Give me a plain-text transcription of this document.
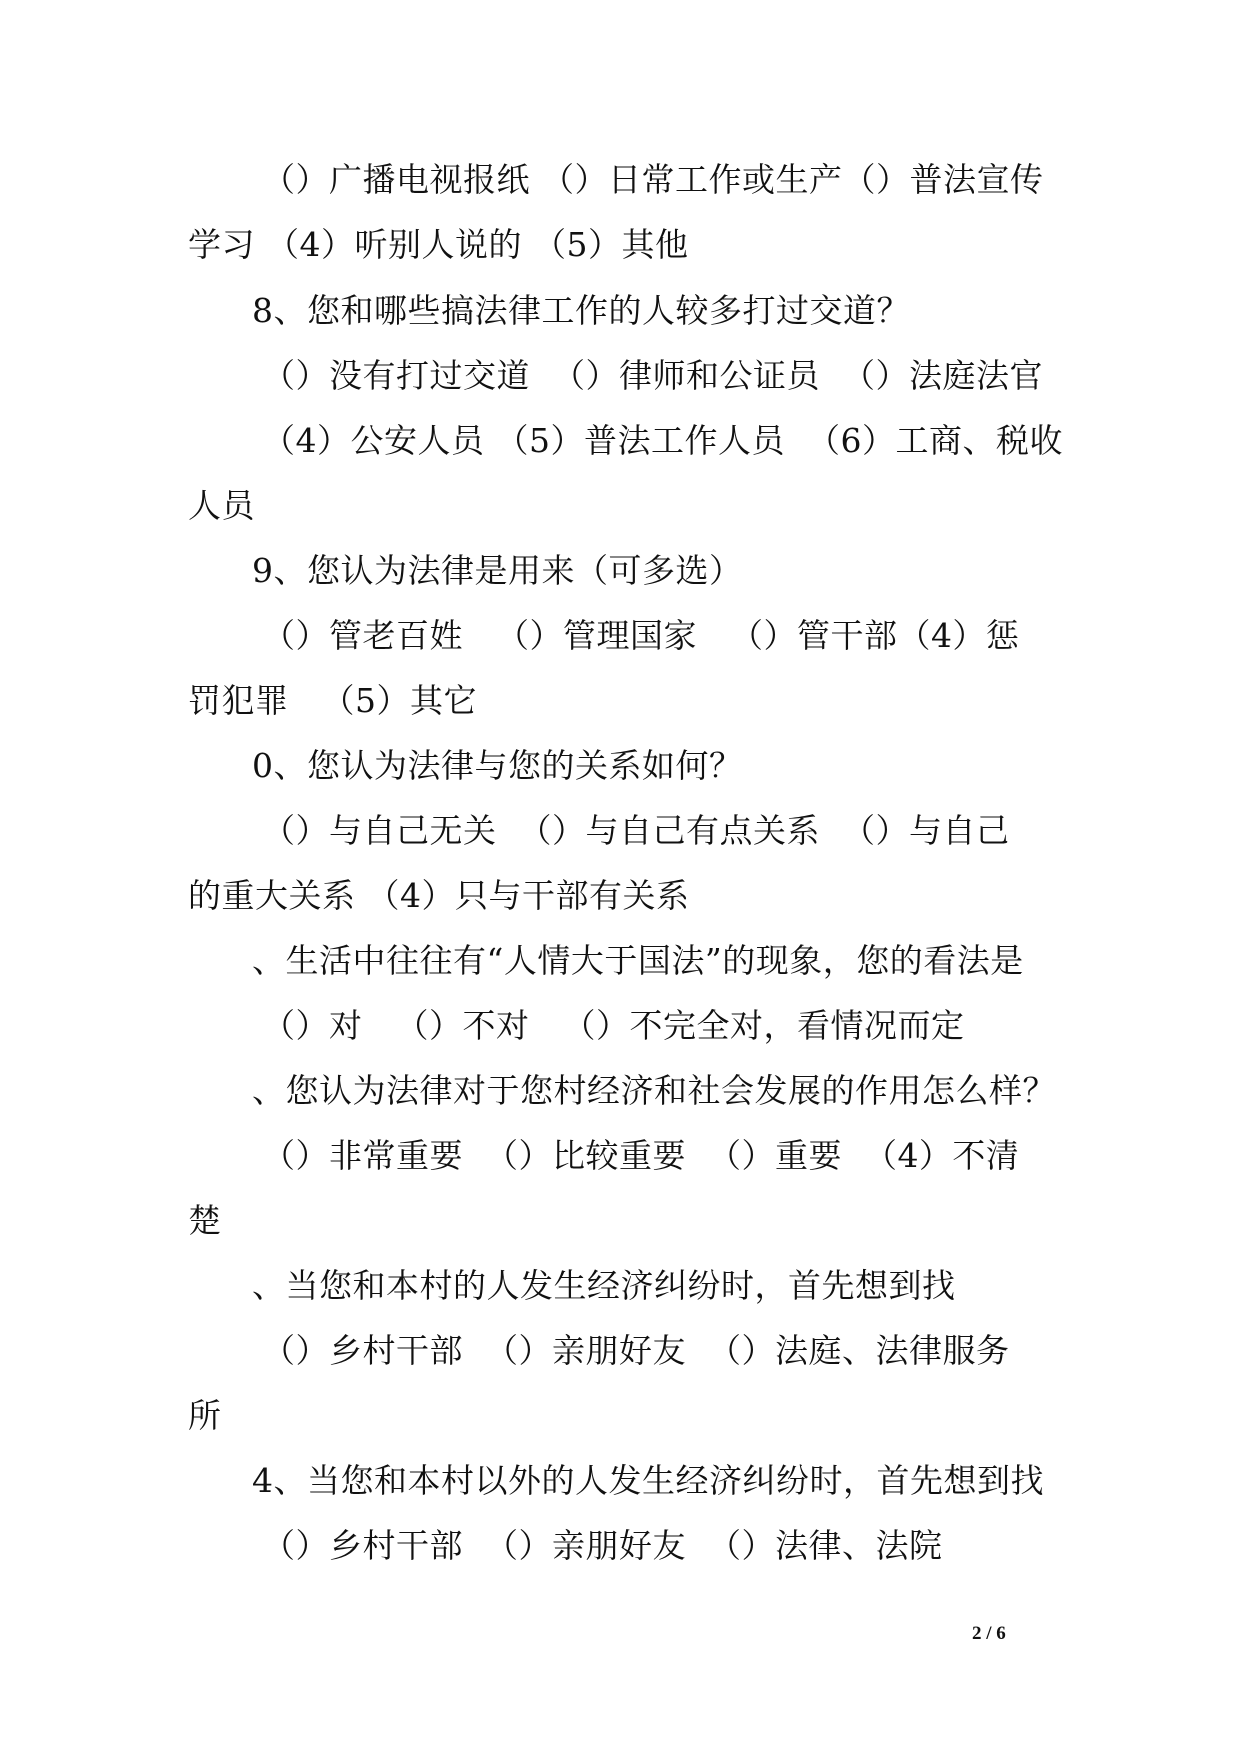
（）广播电视报纸 （）日常工作或生产（）普法宣传
学习 （4）听别人说的 （5）其他
8、您和哪些搞法律工作的人较多打过交道？
（）没有打过交道  （）律师和公证员  （）法庭法官
（4）公安人员 （5）普法工作人员  （6）工商、税收
人员
9、您认为法律是用来（可多选）
（）管老百姓   （）管理国家   （）管干部（4）惩
罚犯罪   （5）其它
0、您认为法律与您的关系如何？
（）与自己无关  （）与自己有点关系  （）与自己
的重大关系 （4）只与干部有关系
、生活中往往有“人情大于国法”的现象，您的看法是
（）对   （）不对   （）不完全对，看情况而定
、您认为法律对于您村经济和社会发展的作用怎么样？
（）非常重要  （）比较重要  （）重要  （4）不清
楚
、当您和本村的人发生经济纠纷时，首先想到找
（）乡村干部  （）亲朋好友  （）法庭、法律服务
所
4、当您和本村以外的人发生经济纠纷时，首先想到找
（）乡村干部  （）亲朋好友  （）法律、法院
2 / 6
